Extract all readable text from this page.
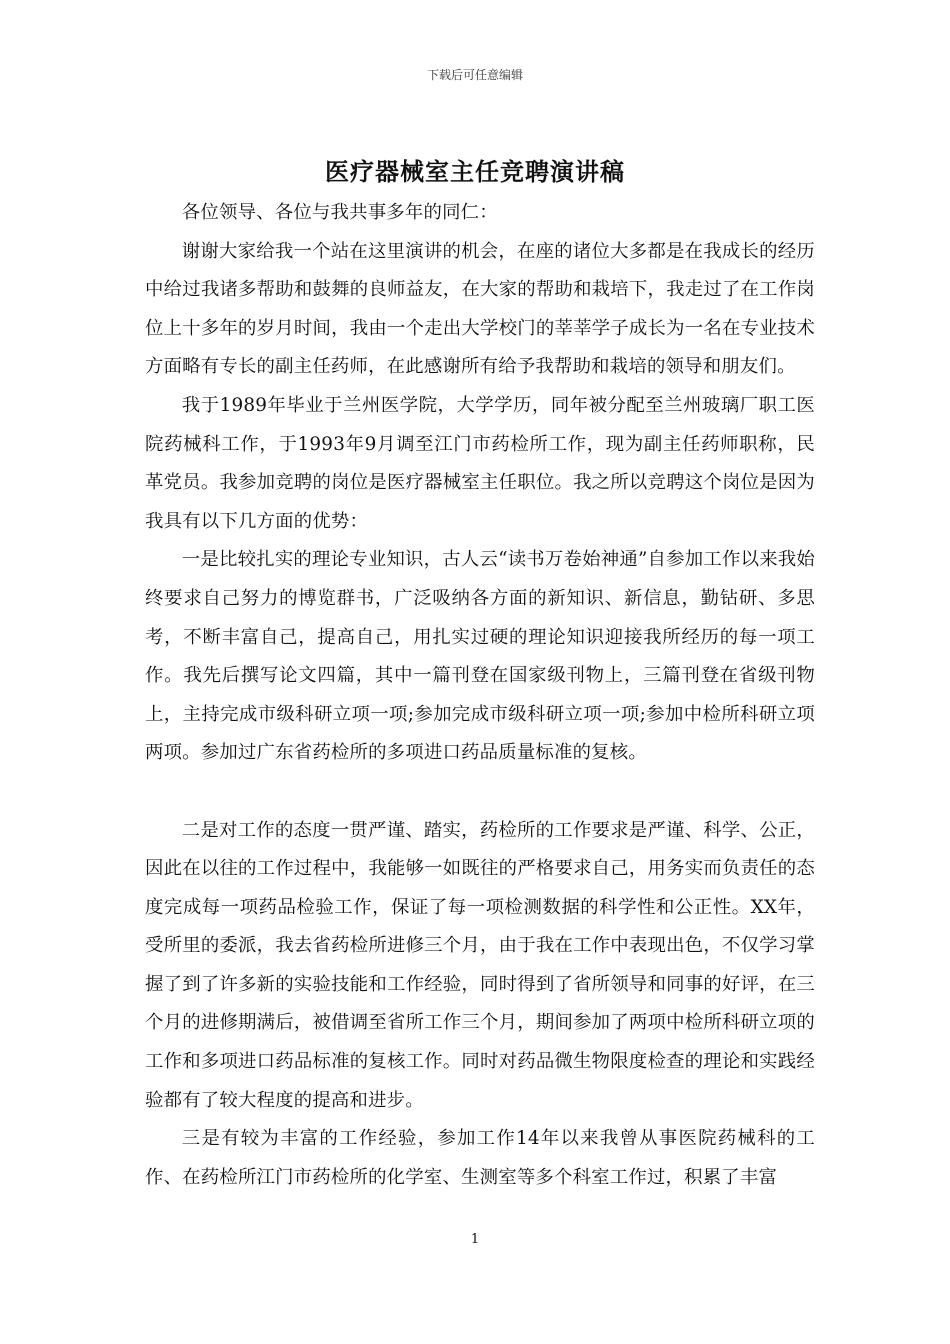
下载后可任意编辑
医疗器械室主任竞聘演讲稿

各位领导、各位与我共事多年的同仁：

谢谢大家给我一个站在这里演讲的机会，在座的诸位大多都是在我成长的经历中给过我诸多帮助和鼓舞的良师益友，在大家的帮助和栽培下，我走过了在工作岗位上十多年的岁月时间，我由一个走出大学校门的莘莘学子成长为一名在专业技术方面略有专长的副主任药师，在此感谢所有给予我帮助和栽培的领导和朋友们。

我于1989年毕业于兰州医学院，大学学历，同年被分配至兰州玻璃厂职工医院药械科工作，于1993年9月调至江门市药检所工作，现为副主任药师职称，民革党员。我参加竞聘的岗位是医疗器械室主任职位。我之所以竞聘这个岗位是因为我具有以下几方面的优势：

一是比较扎实的理论专业知识，古人云“读书万卷始神通”自参加工作以来我始终要求自己努力的博览群书，广泛吸纳各方面的新知识、新信息，勤钻研、多思考，不断丰富自己，提高自己，用扎实过硬的理论知识迎接我所经历的每一项工作。我先后撰写论文四篇，其中一篇刊登在国家级刊物上，三篇刊登在省级刊物上，主持完成市级科研立项一项;参加完成市级科研立项一项;参加中检所科研立项两项。参加过广东省药检所的多项进口药品质量标准的复核。

二是对工作的态度一贯严谨、踏实，药检所的工作要求是严谨、科学、公正，因此在以往的工作过程中，我能够一如既往的严格要求自己，用务实而负责任的态度完成每一项药品检验工作，保证了每一项检测数据的科学性和公正性。XX年，受所里的委派，我去省药检所进修三个月，由于我在工作中表现出色，不仅学习掌握了到了许多新的实验技能和工作经验，同时得到了省所领导和同事的好评，在三个月的进修期满后，被借调至省所工作三个月，期间参加了两项中检所科研立项的工作和多项进口药品标准的复核工作。同时对药品微生物限度检查的理论和实践经验都有了较大程度的提高和进步。

三是有较为丰富的工作经验，参加工作14年以来我曾从事医院药械科的工作、在药检所江门市药检所的化学室、生测室等多个科室工作过，积累了丰富

1
